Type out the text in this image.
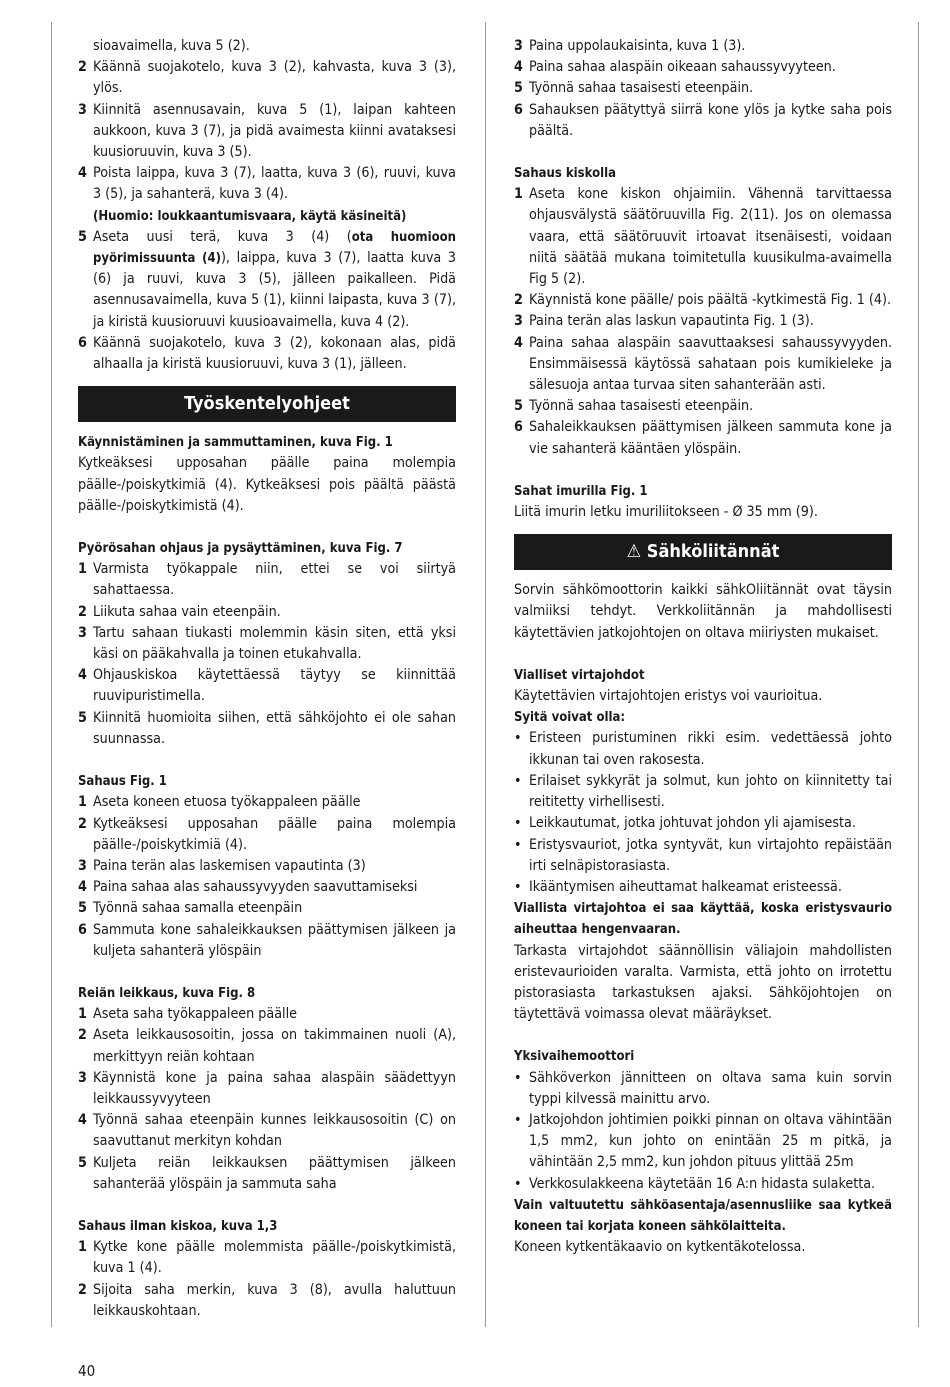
sioavaimella, kuva 5 (2).
2 Käännä suojakotelo, kuva 3 (2), kahvasta, kuva 3 (3), ylös.
3 Kiinnitä asennusavain, kuva 5 (1), laipan kahteen aukkoon, kuva 3 (7), ja pidä avaimesta kiinni avataksesi kuusioruuvin, kuva 3 (5).
4 Poista laippa, kuva 3 (7), laatta, kuva 3 (6), ruuvi, kuva 3 (5), ja sahanterä, kuva 3 (4).
(Huomio: loukkaantumisvaara, käytä käsineitä)
5 Aseta uusi terä, kuva 3 (4) (ota huomioon pyörimissuunta (4)), laippa, kuva 3 (7), laatta kuva 3 (6) ja ruuvi, kuva 3 (5), jälleen paikalleen. Pidä asennusavaimella, kuva 5 (1), kiinni laipasta, kuva 3 (7), ja kiristä kuusioruuvi kuusioavaimella, kuva 4 (2).
6 Käännä suojakotelo, kuva 3 (2), kokonaan alas, pidä alhaalla ja kiristä kuusioruuvi, kuva 3 (1), jälleen.
Työskentelyohjeet

Käynnistäminen ja sammuttaminen, kuva Fig. 1

Kytkeäksesi upposahan päälle paina molempia päälle-/poiskytkimiä (4). Kytkeäksesi pois päältä päästä päälle-/poiskytkimistä (4).

Pyörösahan ohjaus ja pysäyttäminen, kuva Fig. 7

1 Varmista työkappale niin, ettei se voi siirtyä sahattaessa.
2 Liikuta sahaa vain eteenpäin.
3 Tartu sahaan tiukasti molemmin käsin siten, että yksi käsi on pääkahvalla ja toinen etukahvalla.
4 Ohjauskiskoa käytettäessä täytyy se kiinnittää ruuvipuristimella.
5 Kiinnitä huomioita siihen, että sähköjohto ei ole sahan suunnassa.

Sahaus Fig. 1

1 Aseta koneen etuosa työkappaleen päälle
2 Kytkeäksesi upposahan päälle paina molempia päälle-/poiskytkimiä (4).
3 Paina terän alas laskemisen vapautinta (3)
4 Paina sahaa alas sahaussyvyyden saavuttamiseksi
5 Työnnä sahaa samalla eteenpäin
6 Sammuta kone sahaleikkauksen päättymisen jälkeen ja kuljeta sahanterä ylöspäin

Reiän leikkaus, kuva Fig. 8

1 Aseta saha työkappaleen päälle
2 Aseta leikkausosoitin, jossa on takimmainen nuoli (A), merkittyyn reiän kohtaan
3 Käynnistä kone ja paina sahaa alaspäin säädettyyn leikkaussyvyyteen
4 Työnnä sahaa eteenpäin kunnes leikkausosoitin (C) on saavuttanut merkityn kohdan
5 Kuljeta reiän leikkauksen päättymisen jälkeen sahanterää ylöspäin ja sammuta saha

Sahaus ilman kiskoa, kuva 1,3

1 Kytke kone päälle molemmista päälle-/poiskytkimistä, kuva 1 (4).
2 Sijoita saha merkin, kuva 3 (8), avulla haluttuun leikkauskohtaan.
3 Paina uppolaukaisinta, kuva 1 (3).
4 Paina sahaa alaspäin oikeaan sahaussyvyyteen.
5 Työnnä sahaa tasaisesti eteenpäin.
6 Sahauksen päätyttyä siirrä kone ylös ja kytke saha pois päältä.

Sahaus kiskolla

1 Aseta kone kiskon ohjaimiin. Vähennä tarvittaessa ohjausvälystä säätöruuvilla Fig. 2(11). Jos on olemassa vaara, että säätöruuvit irtoavat itsenäisesti, voidaan niitä säätää mukana toimitetulla kuusikulma-avaimella Fig 5 (2).
2 Käynnistä kone päälle/ pois päältä -kytkimestä Fig. 1 (4).
3 Paina terän alas laskun vapautinta Fig. 1 (3).
4 Paina sahaa alaspäin saavuttaaksesi sahaussyvyyden. Ensimmäisessä käytössä sahataan pois kumikieleke ja sälesuoja antaa turvaa siten sahanterään asti.
5 Työnnä sahaa tasaisesti eteenpäin.
6 Sahaleikkauksen päättymisen jälkeen sammuta kone ja vie sahanterä kääntäen ylöspäin.

Sahat imurilla Fig. 1

Liitä imurin letku imuriliitokseen - Ø 35 mm (9).

⚠ Sähköliitännät

Sorvin sähkömoottorin kaikki sähkOliitännät ovat täysin valmiiksi tehdyt. Verkkoliitännän ja mahdollisesti käytettävien jatkojohtojen on oltava miiriysten mukaiset.

Vialliset virtajohdot

Käytettävien virtajohtojen eristys voi vaurioitua.

Syitä voivat olla:

• Eristeen puristuminen rikki esim. vedettäessä johto ikkunan tai oven rakosesta.
• Erilaiset sykkyrät ja solmut, kun johto on kiinnitetty tai reititetty virhellisesti.
• Leikkautumat, jotka johtuvat johdon yli ajamisesta.
• Eristysvauriot, jotka syntyvät, kun virtajohto repäistään irti selnäpistorasiasta.
• Ikääntymisen aiheuttamat halkeamat eristeessä.

Viallista virtajohtoa ei saa käyttää, koska eristysvaurio aiheuttaa hengenvaaran.

Tarkasta virtajohdot säännöllisin väliajoin mahdollisten eristevaurioiden varalta. Varmista, että johto on irrotettu pistorasiasta tarkastuksen ajaksi. Sähköjohtojen on täytettävä voimassa olevat määräykset.

Yksivaihemoottori

• Sähköverkon jännitteen on oltava sama kuin sorvin typpi kilvessä mainittu arvo.
• Jatkojohdon johtimien poikki pinnan on oltava vähintään 1,5 mm2, kun johto on enintään 25 m pitkä, ja vähintään 2,5 mm2, kun johdon pituus ylittää 25m
• Verkkosulakkeena käytetään 16 A:n hidasta sulaketta.

Vain valtuutettu sähköasentaja/asennusliike saa kytkeä koneen tai korjata koneen sähkölaitteita.

Koneen kytkentäkaavio on kytkentäkotelossa.

40
